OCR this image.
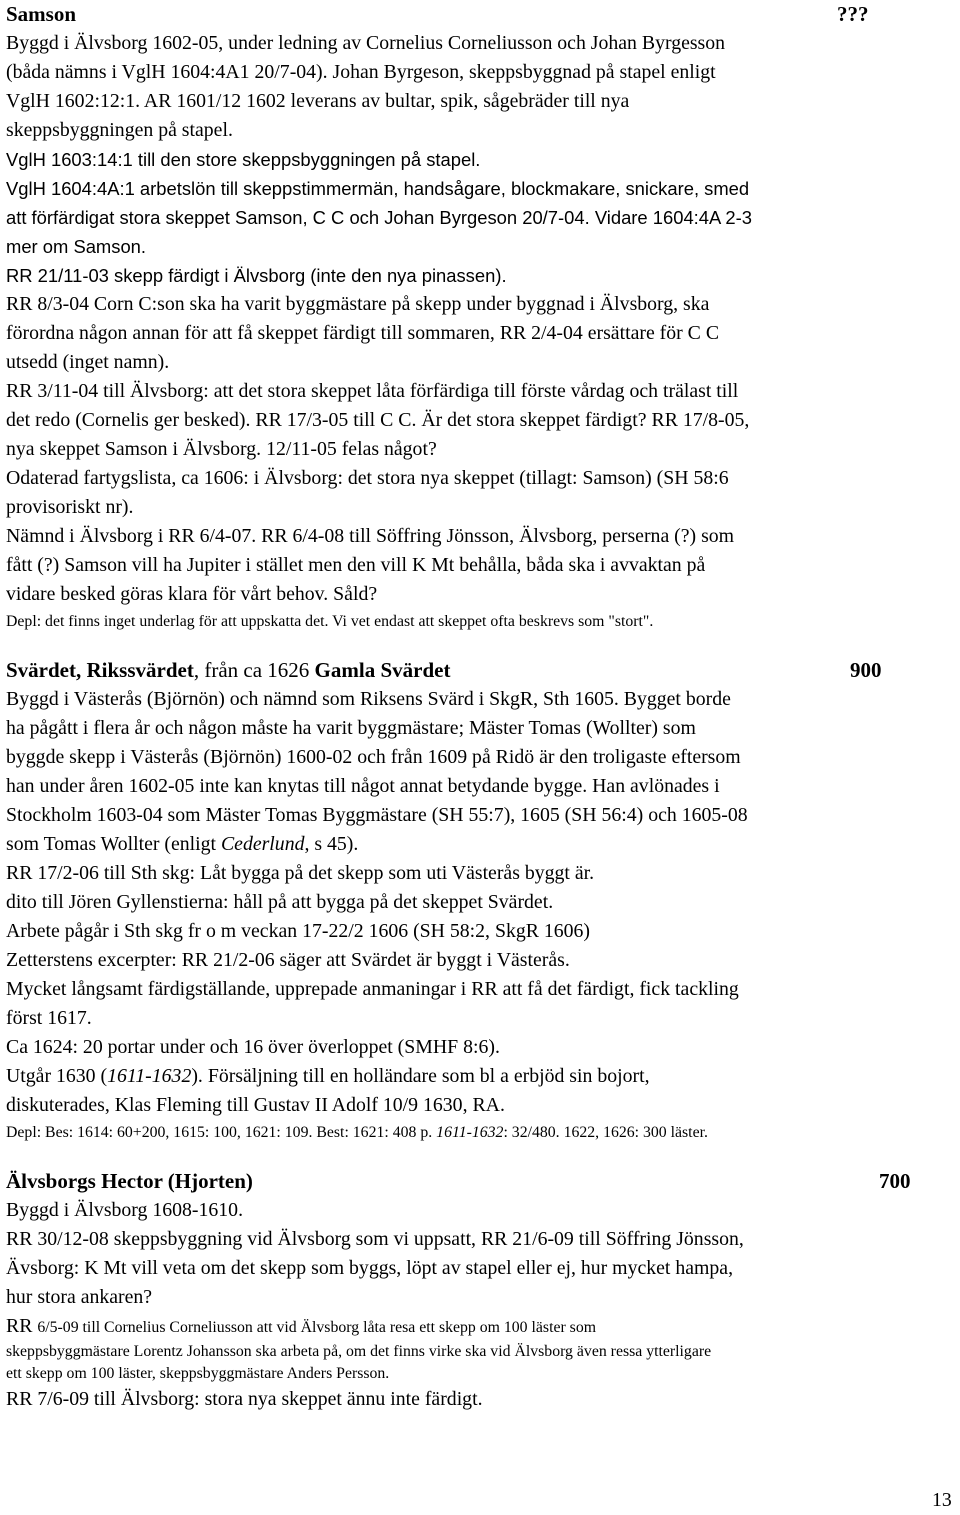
Samson	???
Byggd i Älvsborg 1602-05, under ledning av Cornelius Corneliusson och Johan Byrgesson
(båda nämns i VglH 1604:4A1 20/7-04). Johan Byrgeson, skeppsbyggnad på stapel enligt
VglH 1602:12:1. AR 1601/12 1602 leverans av bultar, spik, sågebräder till nya
skeppsbyggningen på stapel.
VglH 1603:14:1 till den store skeppsbyggningen på stapel.
VglH 1604:4A:1 arbetslön till skeppstimmermän, handsågare, blockmakare, snickare, smed
att förfärdigat stora skeppet Samson, C C och Johan Byrgeson 20/7-04. Vidare 1604:4A 2-3
mer om Samson.
RR 21/11-03 skepp färdigt i Älvsborg (inte den nya pinassen).
RR 8/3-04 Corn C:son ska ha varit byggmästare på skepp under byggnad i Älvsborg, ska
förordna någon annan för att få skeppet färdigt till sommaren, RR 2/4-04 ersättare för C C
utsedd (inget namn).
RR 3/11-04 till Älvsborg: att det stora skeppet låta förfärdiga till förste vårdag och trälast till
det redo (Cornelis ger besked). RR 17/3-05 till C C. Är det stora skeppet färdigt? RR 17/8-05,
nya skeppet Samson i Älvsborg. 12/11-05 felas något?
Odaterad fartygslista, ca 1606: i Älvsborg: det stora nya skeppet (tillagt: Samson) (SH 58:6
provisoriskt nr).
Nämnd i Älvsborg i RR 6/4-07. RR 6/4-08 till Söffring Jönsson, Älvsborg, perserna (?) som
fått (?) Samson vill ha Jupiter i stället men den vill K Mt behålla, båda ska i avvaktan på
vidare besked göras klara för vårt behov. Såld?
Depl: det finns inget underlag för att uppskatta det. Vi vet endast att skeppet ofta beskrevs som "stort".
Svärdet, Rikssvärdet, från ca 1626 Gamla Svärdet	900
Byggd i Västerås (Björnön) och nämnd som Riksens Svärd i SkgR, Sth 1605. Bygget borde
ha pågått i flera år och någon måste ha varit byggmästare; Mäster Tomas (Wollter) som
byggde skepp i Västerås (Björnön) 1600-02 och från 1609 på Ridö är den troligaste eftersom
han under åren 1602-05 inte kan knytas till något annat betydande bygge. Han avlönades i
Stockholm 1603-04 som Mäster Tomas Byggmästare (SH 55:7), 1605 (SH 56:4) och 1605-08
som Tomas Wollter (enligt Cederlund, s 45).
RR 17/2-06 till Sth skg: Låt bygga på det skepp som uti Västerås byggt är.
dito till Jören Gyllenstierna: håll på att bygga på det skeppet Svärdet.
Arbete pågår i Sth skg fr o m veckan 17-22/2 1606 (SH 58:2, SkgR 1606)
Zetterstens excerpter: RR 21/2-06 säger att Svärdet är byggt i Västerås.
Mycket långsamt färdigställande, upprepade anmaningar i RR att få det färdigt, fick tackling
först 1617.
Ca 1624: 20 portar under och 16 över överloppet (SMHF 8:6).
Utgår 1630 (1611-1632). Försäljning till en holländare som bl a erbjöd sin bojort,
diskuterades, Klas Fleming till Gustav II Adolf 10/9 1630, RA.
Depl: Bes: 1614: 60+200, 1615: 100, 1621: 109. Best: 1621: 408 p. 1611-1632: 32/480. 1622, 1626: 300 läster.
Älvsborgs Hector (Hjorten)	700
Byggd i Älvsborg 1608-1610.
RR 30/12-08 skeppsbyggning vid Älvsborg som vi uppsatt, RR 21/6-09 till Söffring Jönsson,
Ävsborg: K Mt vill veta om det skepp som byggs, löpt av stapel eller ej, hur mycket hampa,
hur stora ankaren?
RR 6/5-09 till Cornelius Corneliusson att vid Älvsborg låta resa ett skepp om 100 läster som
skeppsbyggmästare Lorentz Johansson ska arbeta på, om det finns virke ska vid Älvsborg även ressa ytterligare
ett skepp om 100 läster, skeppsbyggmästare Anders Persson.
RR 7/6-09 till Älvsborg: stora nya skeppet ännu inte färdigt.
13
